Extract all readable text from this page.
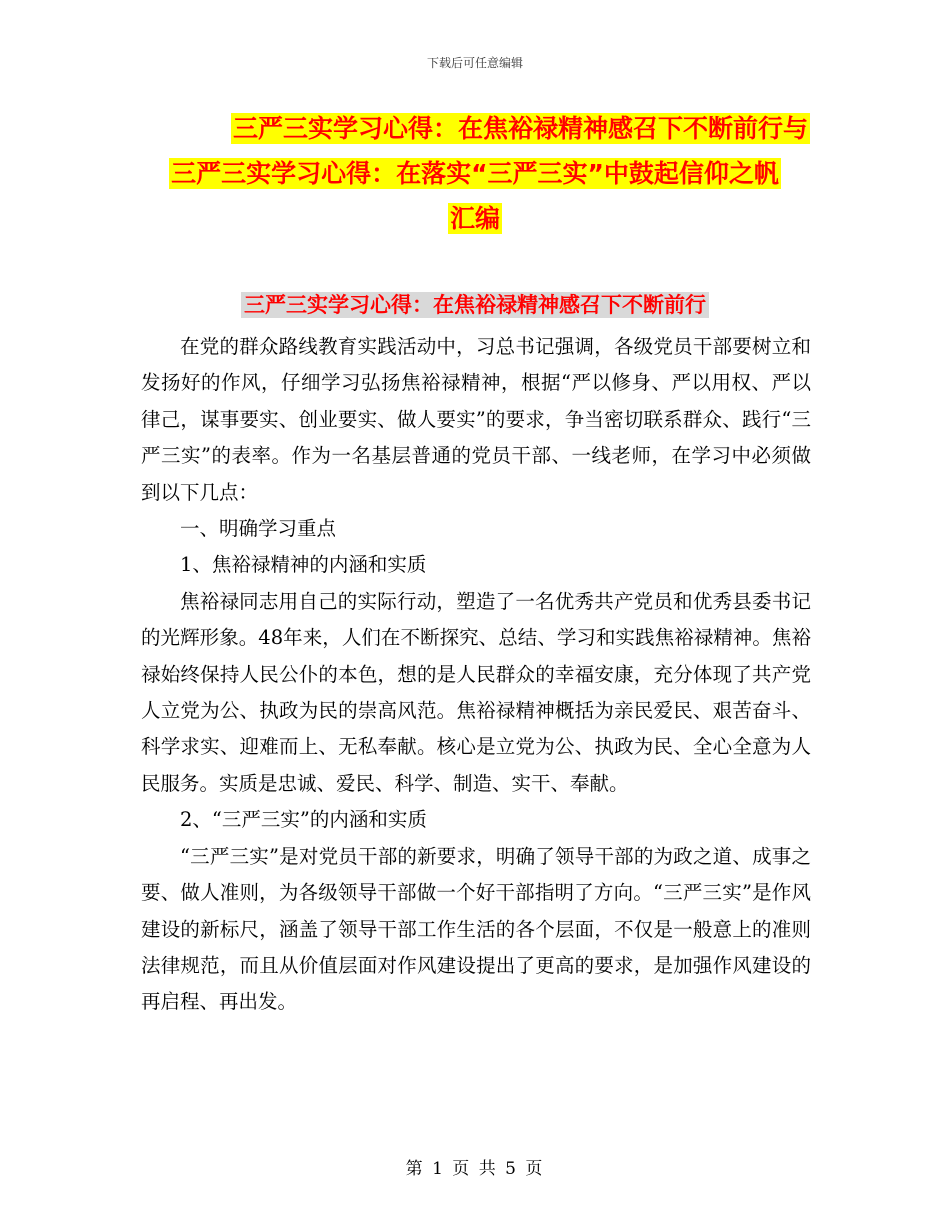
下载后可任意编辑
三严三实学习心得：在焦裕禄精神感召下不断前行与
三严三实学习心得：在落实“三严三实”中鼓起信仰之帆
汇编
三严三实学习心得：在焦裕禄精神感召下不断前行

在党的群众路线教育实践活动中，习总书记强调，各级党员干部要树立和发扬好的作风，仔细学习弘扬焦裕禄精神，根据“严以修身、严以用权、严以律己，谋事要实、创业要实、做人要实”的要求，争当密切联系群众、践行“三严三实”的表率。作为一名基层普通的党员干部、一线老师，在学习中必须做到以下几点：

一、明确学习重点

1、焦裕禄精神的内涵和实质

焦裕禄同志用自己的实际行动，塑造了一名优秀共产党员和优秀县委书记的光辉形象。48年来，人们在不断探究、总结、学习和实践焦裕禄精神。焦裕禄始终保持人民公仆的本色，想的是人民群众的幸福安康，充分体现了共产党人立党为公、执政为民的崇高风范。焦裕禄精神概括为亲民爱民、艰苦奋斗、科学求实、迎难而上、无私奉献。核心是立党为公、执政为民、全心全意为人民服务。实质是忠诚、爱民、科学、制造、实干、奉献。

2、“三严三实”的内涵和实质

“三严三实”是对党员干部的新要求，明确了领导干部的为政之道、成事之要、做人准则，为各级领导干部做一个好干部指明了方向。“三严三实”是作风建设的新标尺，涵盖了领导干部工作生活的各个层面，不仅是一般意上的准则法律规范，而且从价值层面对作风建设提出了更高的要求，是加强作风建设的再启程、再出发。

第 1 页 共 5 页
